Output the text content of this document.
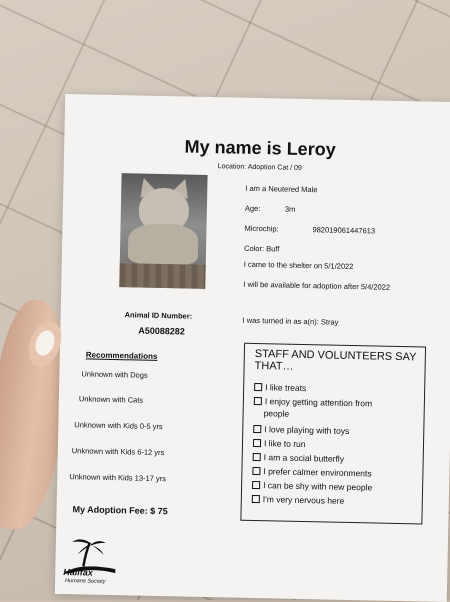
My name is Leroy
Location: Adoption Cat / 09
I am a Neutered Male
Age:	3m
Microchip:	982019061447613
Color: Buff
I came to the shelter on 5/1/2022
I will be available for adoption after 5/4/2022
I was turned in as a(n): Stray
Animal ID Number:
A50088282
Recommendations
Unknown with Dogs
Unknown with Cats
Unknown with Kids 0-5 yrs
Unknown with Kids 6-12 yrs
Unknown with Kids 13-17 yrs
My Adoption Fee: $ 75
Halifax
Humane Society
STAFF AND VOLUNTEERS SAY THAT…
I like treats
I enjoy getting attention from
people
I love playing with toys
I like to run
I am a social butterfly
I prefer calmer environments
I can be shy with new people
I'm very nervous here
